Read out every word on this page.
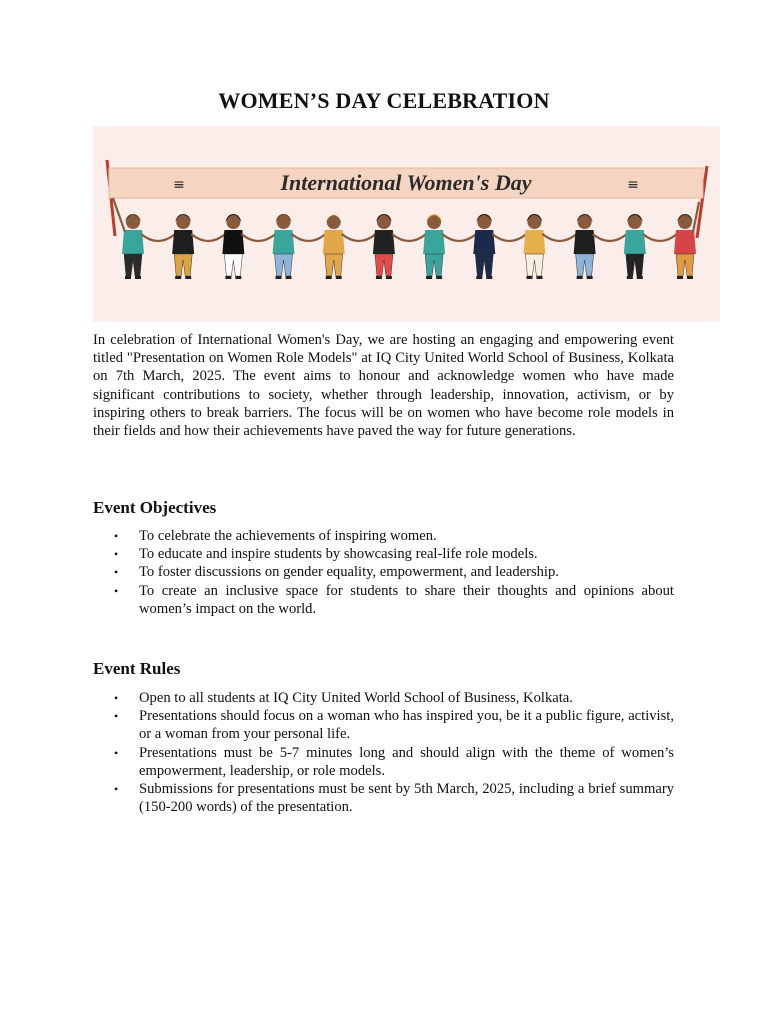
WOMEN’S DAY CELEBRATION
International Women's Day
≡	≡
In celebration of International Women's Day, we are hosting an engaging and empowering event titled "Presentation on Women Role Models" at IQ City United World School of Business, Kolkata on 7th March, 2025. The event aims to honour and acknowledge women who have made significant contributions to society, whether through leadership, innovation, activism, or by inspiring others to break barriers. The focus will be on women who have become role models in their fields and how their achievements have paved the way for future generations.
Event Objectives
• To celebrate the achievements of inspiring women.
• To educate and inspire students by showcasing real-life role models.
• To foster discussions on gender equality, empowerment, and leadership.
• To create an inclusive space for students to share their thoughts and opinions about women’s impact on the world.
Event Rules
• Open to all students at IQ City United World School of Business, Kolkata.
• Presentations should focus on a woman who has inspired you, be it a public figure, activist, or a woman from your personal life.
• Presentations must be 5-7 minutes long and should align with the theme of women’s empowerment, leadership, or role models.
• Submissions for presentations must be sent by 5th March, 2025, including a brief summary (150-200 words) of the presentation.
